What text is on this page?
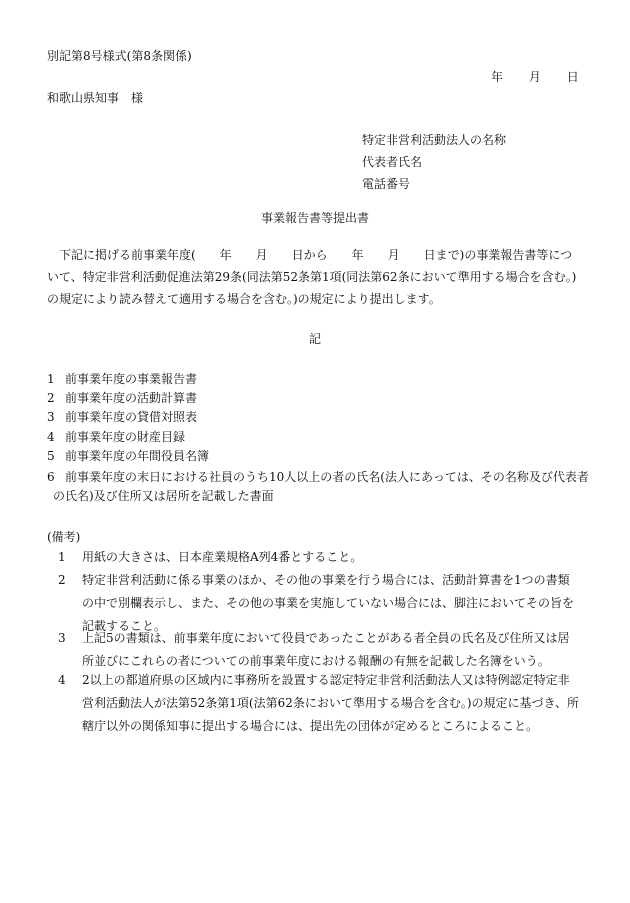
別記第8号様式(第8条関係)
年 月 日
和歌山県知事　様
特定非営利活動法人の名称
代表者氏名
電話番号
事業報告書等提出書
下記に掲げる前事業年度(　　年　　月　　日から　　年　　月　　日まで)の事業報告書等について、特定非営利活動促進法第29条(同法第52条第1項(同法第62条において準用する場合を含む。)の規定により読み替えて適用する場合を含む。)の規定により提出します。
記
1 前事業年度の事業報告書
2 前事業年度の活動計算書
3 前事業年度の貸借対照表
4 前事業年度の財産目録
5 前事業年度の年間役員名簿
6 前事業年度の末日における社員のうち10人以上の者の氏名(法人にあっては、その名称及び代表者
の氏名)及び住所又は居所を記載した書面
(備考)
1	用紙の大きさは、日本産業規格A列4番とすること。
2	特定非営利活動に係る事業のほか、その他の事業を行う場合には、活動計算書を1つの書類の中で別欄表示し、また、その他の事業を実施していない場合には、脚注においてその旨を記載すること。
3	上記5の書類は、前事業年度において役員であったことがある者全員の氏名及び住所又は居所並びにこれらの者についての前事業年度における報酬の有無を記載した名簿をいう。
4	2以上の都道府県の区域内に事務所を設置する認定特定非営利活動法人又は特例認定特定非営利活動法人が法第52条第1項(法第62条において準用する場合を含む。)の規定に基づき、所轄庁以外の関係知事に提出する場合には、提出先の団体が定めるところによること。
